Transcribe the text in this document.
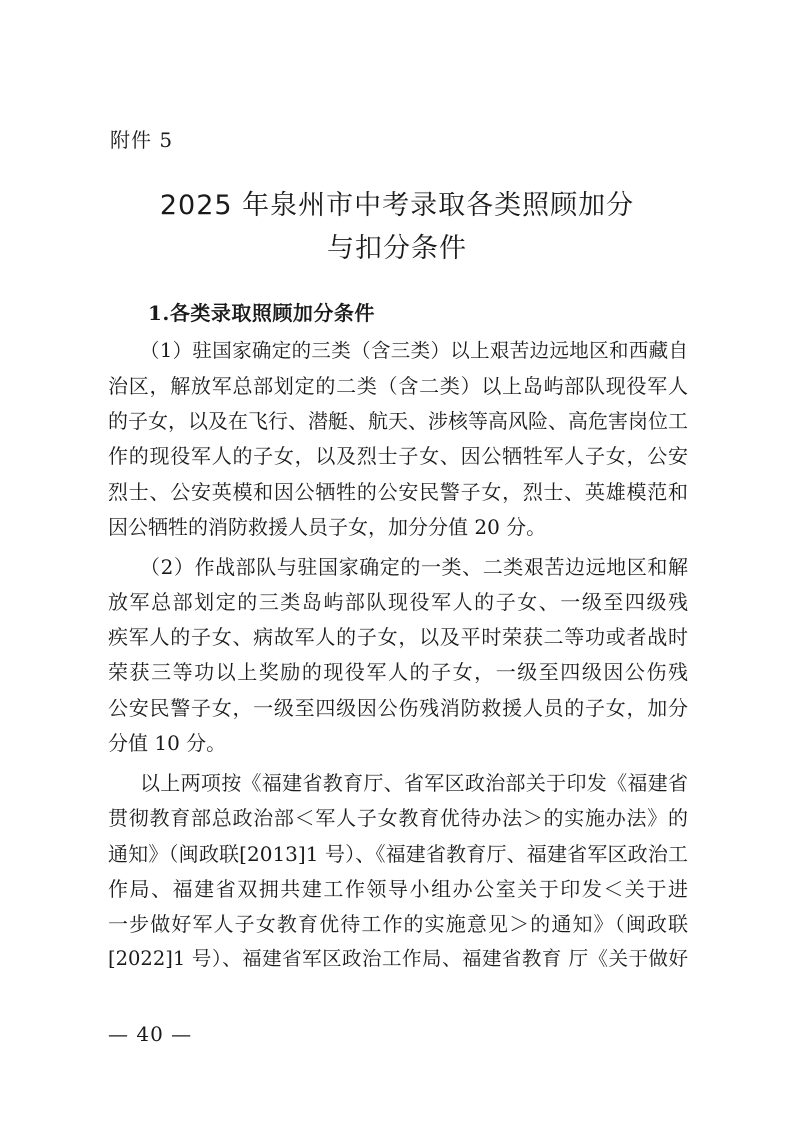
附件 5
2025 年泉州市中考录取各类照顾加分
与扣分条件
1.各类录取照顾加分条件
（1）驻国家确定的三类（含三类）以上艰苦边远地区和西藏自
治区，解放军总部划定的二类（含二类）以上岛屿部队现役军人
的子女，以及在飞行、潜艇、航天、涉核等高风险、高危害岗位工
作的现役军人的子女，以及烈士子女、因公牺牲军人子女，公安
烈士、公安英模和因公牺牲的公安民警子女，烈士、英雄模范和
因公牺牲的消防救援人员子女，加分分值 20 分。
（2）作战部队与驻国家确定的一类、二类艰苦边远地区和解
放军总部划定的三类岛屿部队现役军人的子女、一级至四级残
疾军人的子女、病故军人的子女，以及平时荣获二等功或者战时
荣获三等功以上奖励的现役军人的子女，一级至四级因公伤残
公安民警子女，一级至四级因公伤残消防救援人员的子女，加分
分值 10 分。
以上两项按《福建省教育厅、省军区政治部关于印发《福建省
贯彻教育部总政治部＜军人子女教育优待办法＞的实施办法》的
通知》（闽政联[2013]1 号）、《福建省教育厅、福建省军区政治工
作局、福建省双拥共建工作领导小组办公室关于印发＜关于进
一步做好军人子女教育优待工作的实施意见＞的通知》（闽政联
[2022]1 号）、福建省军区政治工作局、福建省教育 厅《关于做好
— 40 —
